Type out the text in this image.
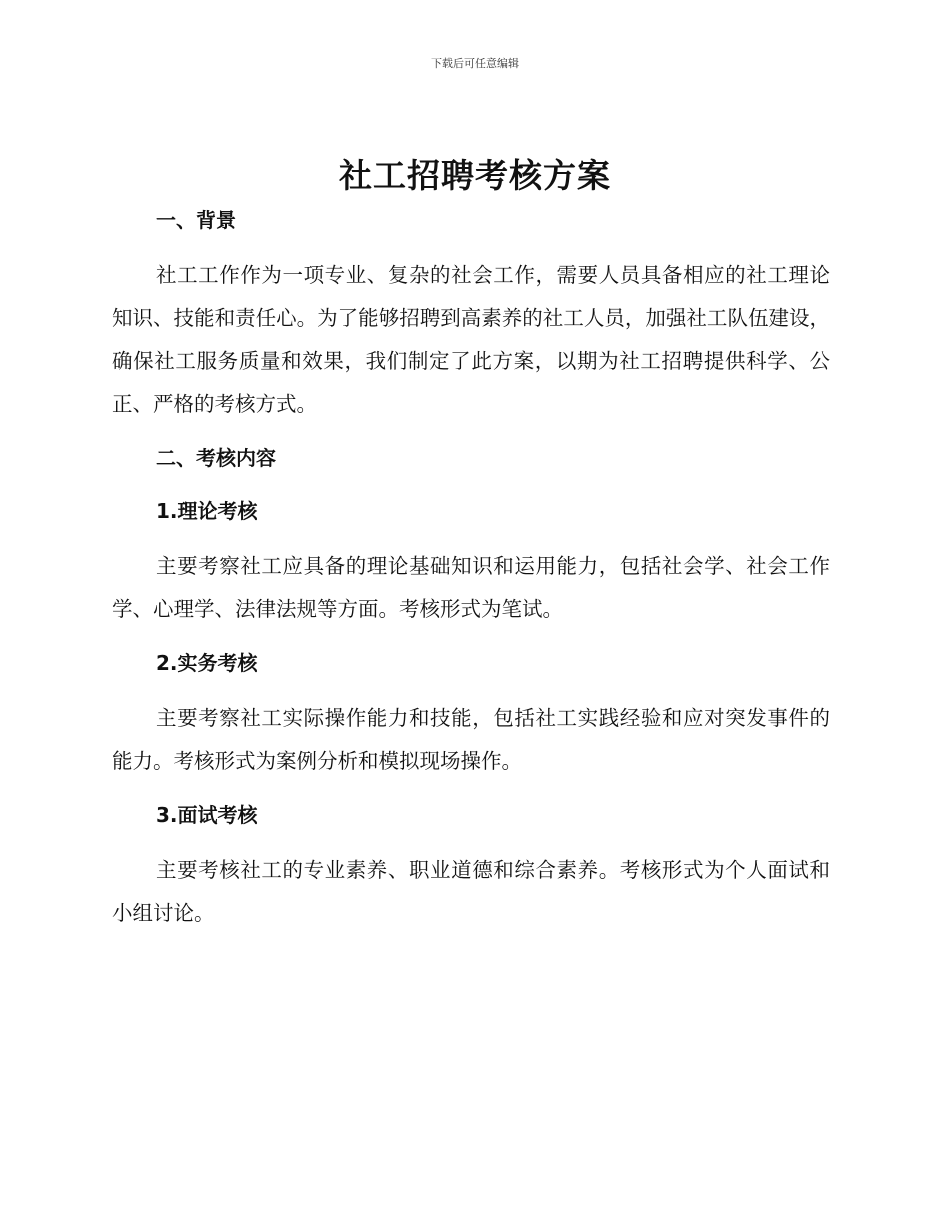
下载后可任意编辑
社工招聘考核方案
一、背景

社工工作作为一项专业、复杂的社会工作，需要人员具备相应的社工理论知识、技能和责任心。为了能够招聘到高素养的社工人员，加强社工队伍建设，确保社工服务质量和效果，我们制定了此方案，以期为社工招聘提供科学、公正、严格的考核方式。

二、考核内容
1.理论考核

主要考察社工应具备的理论基础知识和运用能力，包括社会学、社会工作学、心理学、法律法规等方面。考核形式为笔试。

2.实务考核

主要考察社工实际操作能力和技能，包括社工实践经验和应对突发事件的能力。考核形式为案例分析和模拟现场操作。

3.面试考核

主要考核社工的专业素养、职业道德和综合素养。考核形式为个人面试和小组讨论。
